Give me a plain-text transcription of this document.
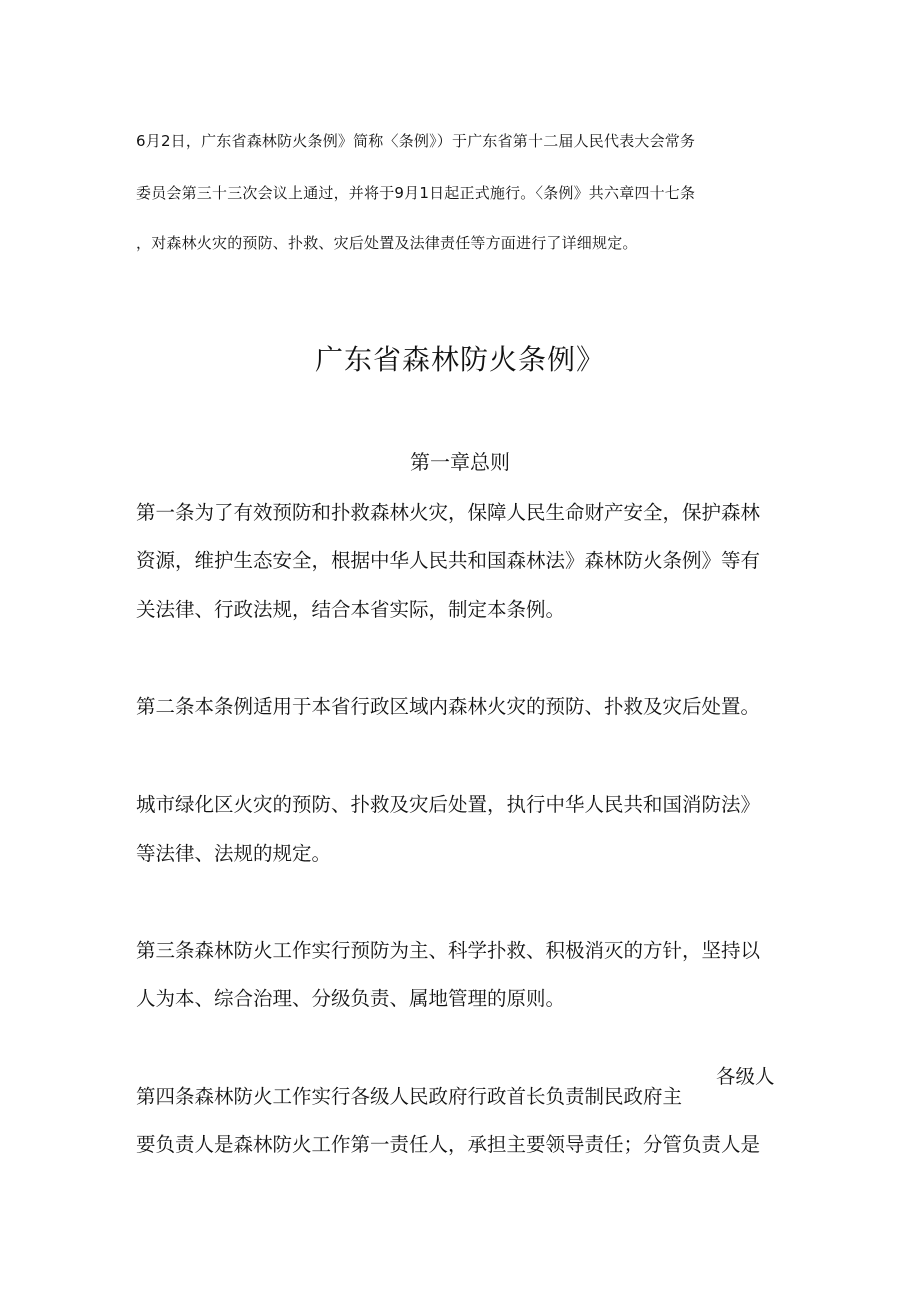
6月2日，广东省森林防火条例》简称〈条例》）于广东省第十二届人民代表大会常务
委员会第三十三次会议上通过，并将于9月1日起正式施行。〈条例》共六章四十七条
，对森林火灾的预防、扑救、灾后处置及法律责任等方面进行了详细规定。
广东省森林防火条例》
第一章总则
第一条为了有效预防和扑救森林火灾，保障人民生命财产安全，保护森林
资源，维护生态安全，根据中华人民共和国森林法》森林防火条例》等有
关法律、行政法规，结合本省实际，制定本条例。
第二条本条例适用于本省行政区域内森林火灾的预防、扑救及灾后处置。
城市绿化区火灾的预防、扑救及灾后处置，执行中华人民共和国消防法》
等法律、法规的规定。
第三条森林防火工作实行预防为主、科学扑救、积极消灭的方针，坚持以
人为本、综合治理、分级负责、属地管理的原则。
各级人
第四条森林防火工作实行各级人民政府行政首长负责制民政府主
要负责人是森林防火工作第一责任人，承担主要领导责任；分管负责人是
